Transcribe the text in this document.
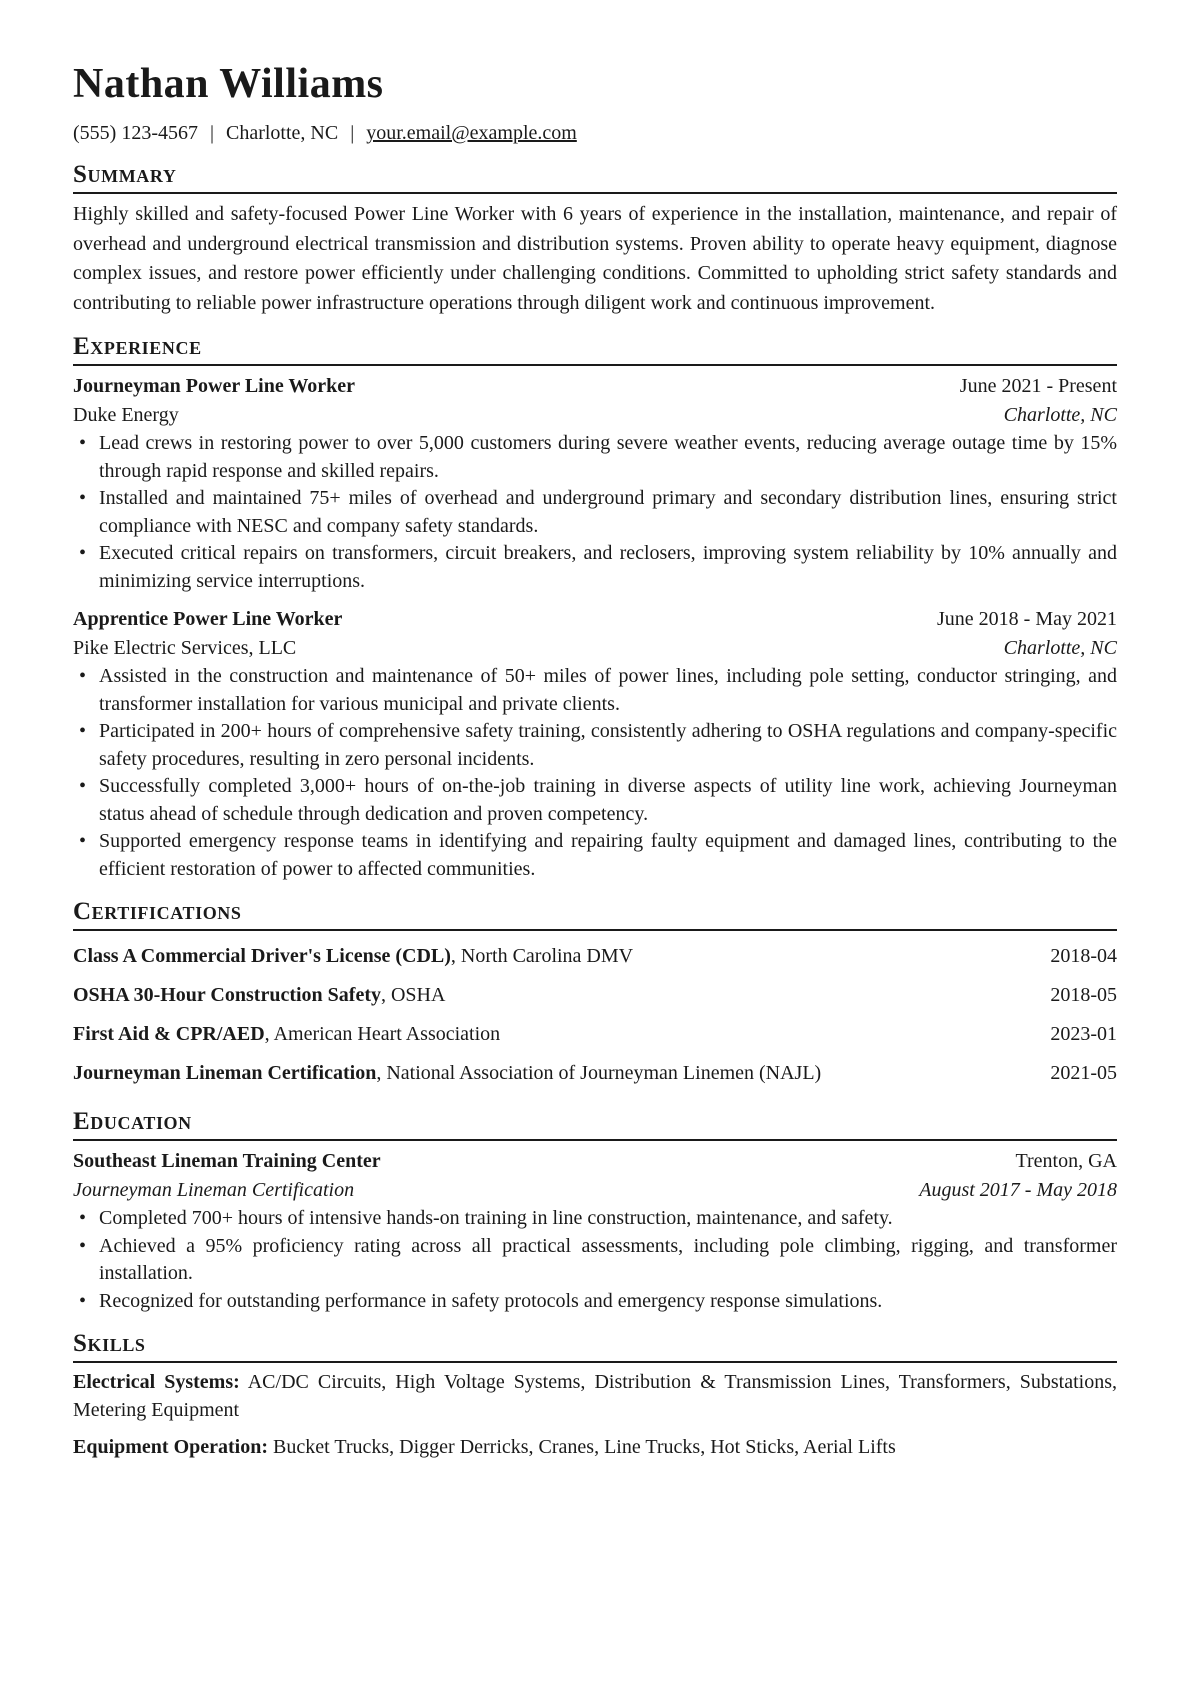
Nathan Williams
(555) 123-4567 | Charlotte, NC | your.email@example.com
Summary
Highly skilled and safety-focused Power Line Worker with 6 years of experience in the installation, maintenance, and repair of overhead and underground electrical transmission and distribution systems. Proven ability to operate heavy equipment, diagnose complex issues, and restore power efficiently under challenging conditions. Committed to upholding strict safety standards and contributing to reliable power infrastructure operations through diligent work and continuous improvement.
Experience
Journeyman Power Line Worker	June 2021 - Present
Duke Energy	Charlotte, NC
• Lead crews in restoring power to over 5,000 customers during severe weather events, reducing average outage time by 15% through rapid response and skilled repairs.
• Installed and maintained 75+ miles of overhead and underground primary and secondary distribution lines, ensuring strict compliance with NESC and company safety standards.
• Executed critical repairs on transformers, circuit breakers, and reclosers, improving system reliability by 10% annually and minimizing service interruptions.
Apprentice Power Line Worker	June 2018 - May 2021
Pike Electric Services, LLC	Charlotte, NC
• Assisted in the construction and maintenance of 50+ miles of power lines, including pole setting, conductor stringing, and transformer installation for various municipal and private clients.
• Participated in 200+ hours of comprehensive safety training, consistently adhering to OSHA regulations and company-specific safety procedures, resulting in zero personal incidents.
• Successfully completed 3,000+ hours of on-the-job training in diverse aspects of utility line work, achieving Journeyman status ahead of schedule through dedication and proven competency.
• Supported emergency response teams in identifying and repairing faulty equipment and damaged lines, contributing to the efficient restoration of power to affected communities.
Certifications
Class A Commercial Driver's License (CDL), North Carolina DMV	2018-04
OSHA 30-Hour Construction Safety, OSHA	2018-05
First Aid & CPR/AED, American Heart Association	2023-01
Journeyman Lineman Certification, National Association of Journeyman Linemen (NAJL)	2021-05
Education
Southeast Lineman Training Center	Trenton, GA
Journeyman Lineman Certification	August 2017 - May 2018
• Completed 700+ hours of intensive hands-on training in line construction, maintenance, and safety.
• Achieved a 95% proficiency rating across all practical assessments, including pole climbing, rigging, and transformer installation.
• Recognized for outstanding performance in safety protocols and emergency response simulations.
Skills
Electrical Systems: AC/DC Circuits, High Voltage Systems, Distribution & Transmission Lines, Transformers, Substations, Metering Equipment
Equipment Operation: Bucket Trucks, Digger Derricks, Cranes, Line Trucks, Hot Sticks, Aerial Lifts
